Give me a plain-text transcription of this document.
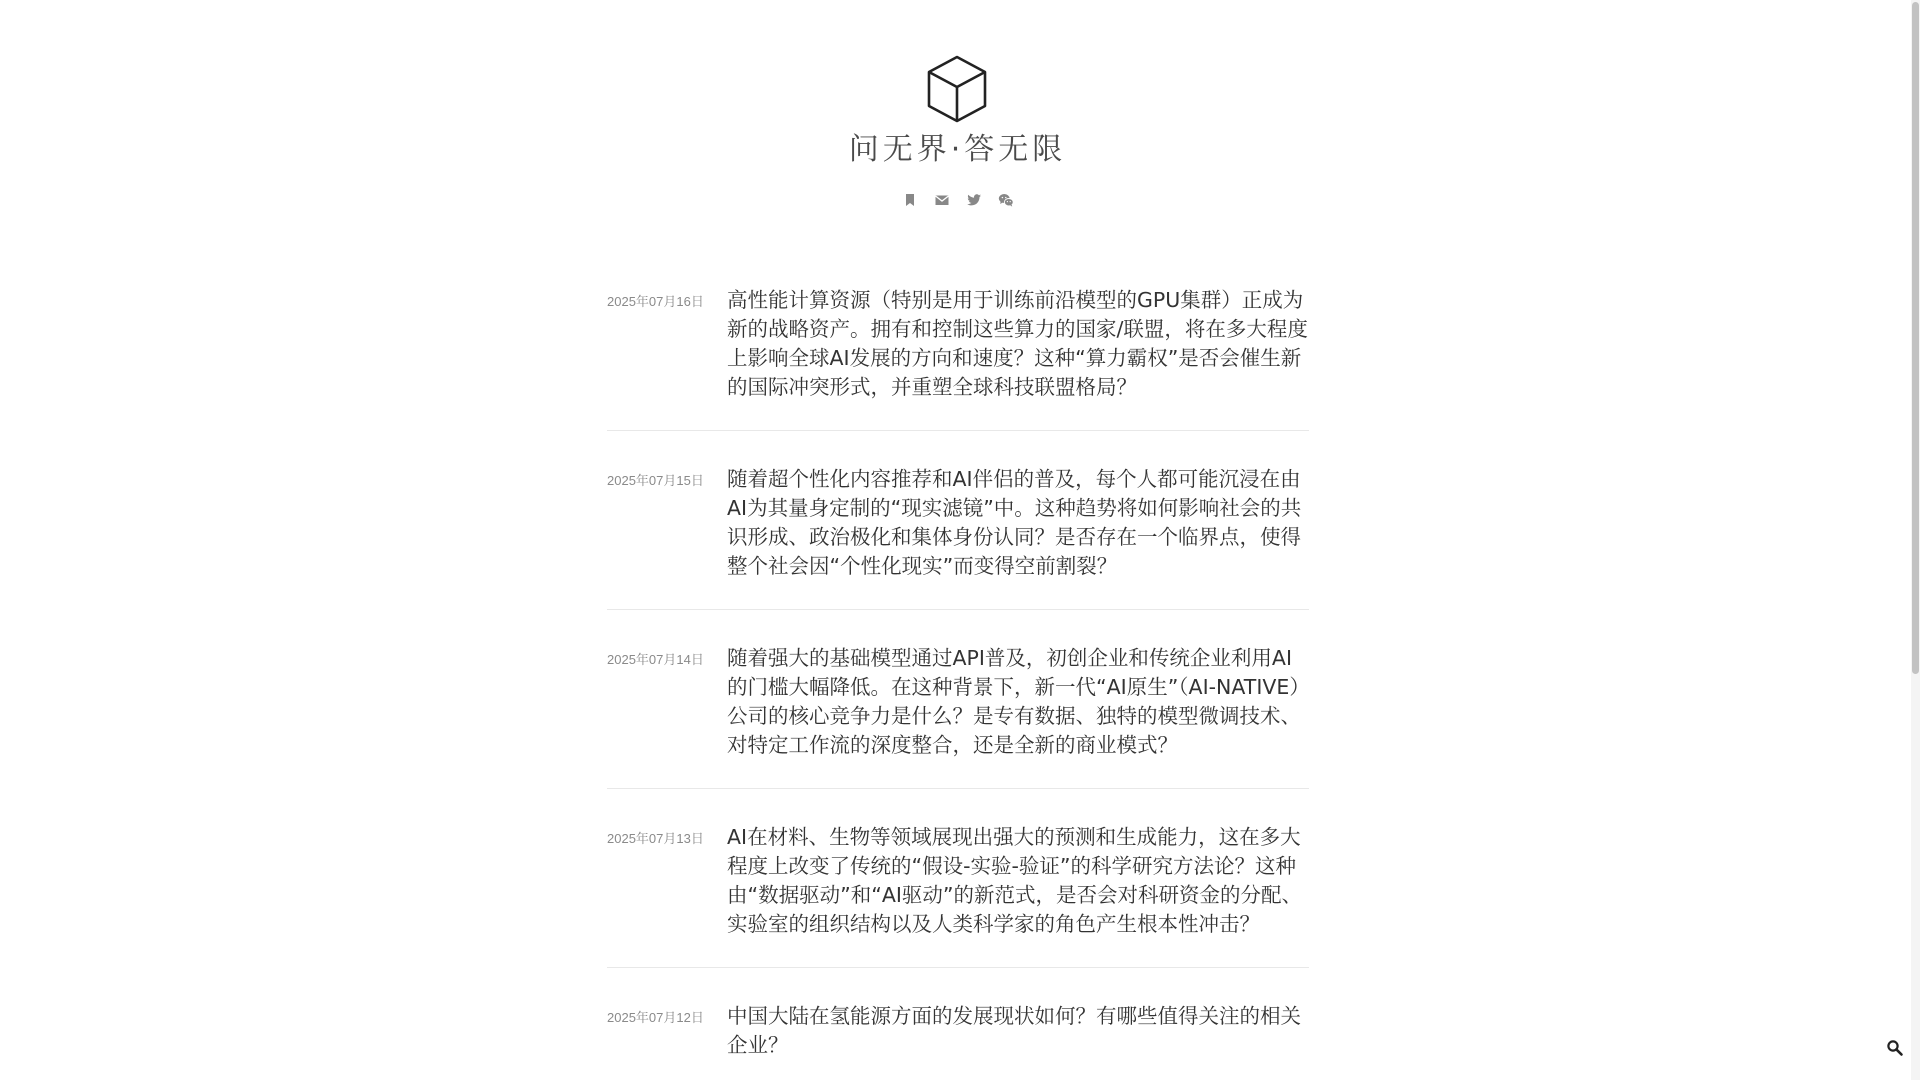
问无界·答无限
2025年07月16日	高性能计算资源（特别是用于训练前沿模型的GPU集群）正成为新的战略资产。拥有和控制这些算力的国家/联盟，将在多大程度上影响全球AI发展的方向和速度？这种“算力霸权”是否会催生新的国际冲突形式，并重塑全球科技联盟格局？
2025年07月15日	随着超个性化内容推荐和AI伴侣的普及，每个人都可能沉浸在由AI为其量身定制的“现实滤镜”中。这种趋势将如何影响社会的共识形成、政治极化和集体身份认同？是否存在一个临界点，使得整个社会因“个性化现实”而变得空前割裂？
2025年07月14日	随着强大的基础模型通过API普及，初创企业和传统企业利用AI的门槛大幅降低。在这种背景下，新一代“AI原生”（AI-NATIVE）公司的核心竞争力是什么？是专有数据、独特的模型微调技术、对特定工作流的深度整合，还是全新的商业模式？
2025年07月13日	AI在材料、生物等领域展现出强大的预测和生成能力，这在多大程度上改变了传统的“假设-实验-验证”的科学研究方法论？这种由“数据驱动”和“AI驱动”的新范式，是否会对科研资金的分配、实验室的组织结构以及人类科学家的角色产生根本性冲击？
2025年07月12日	中国大陆在氢能源方面的发展现状如何？有哪些值得关注的相关企业？
